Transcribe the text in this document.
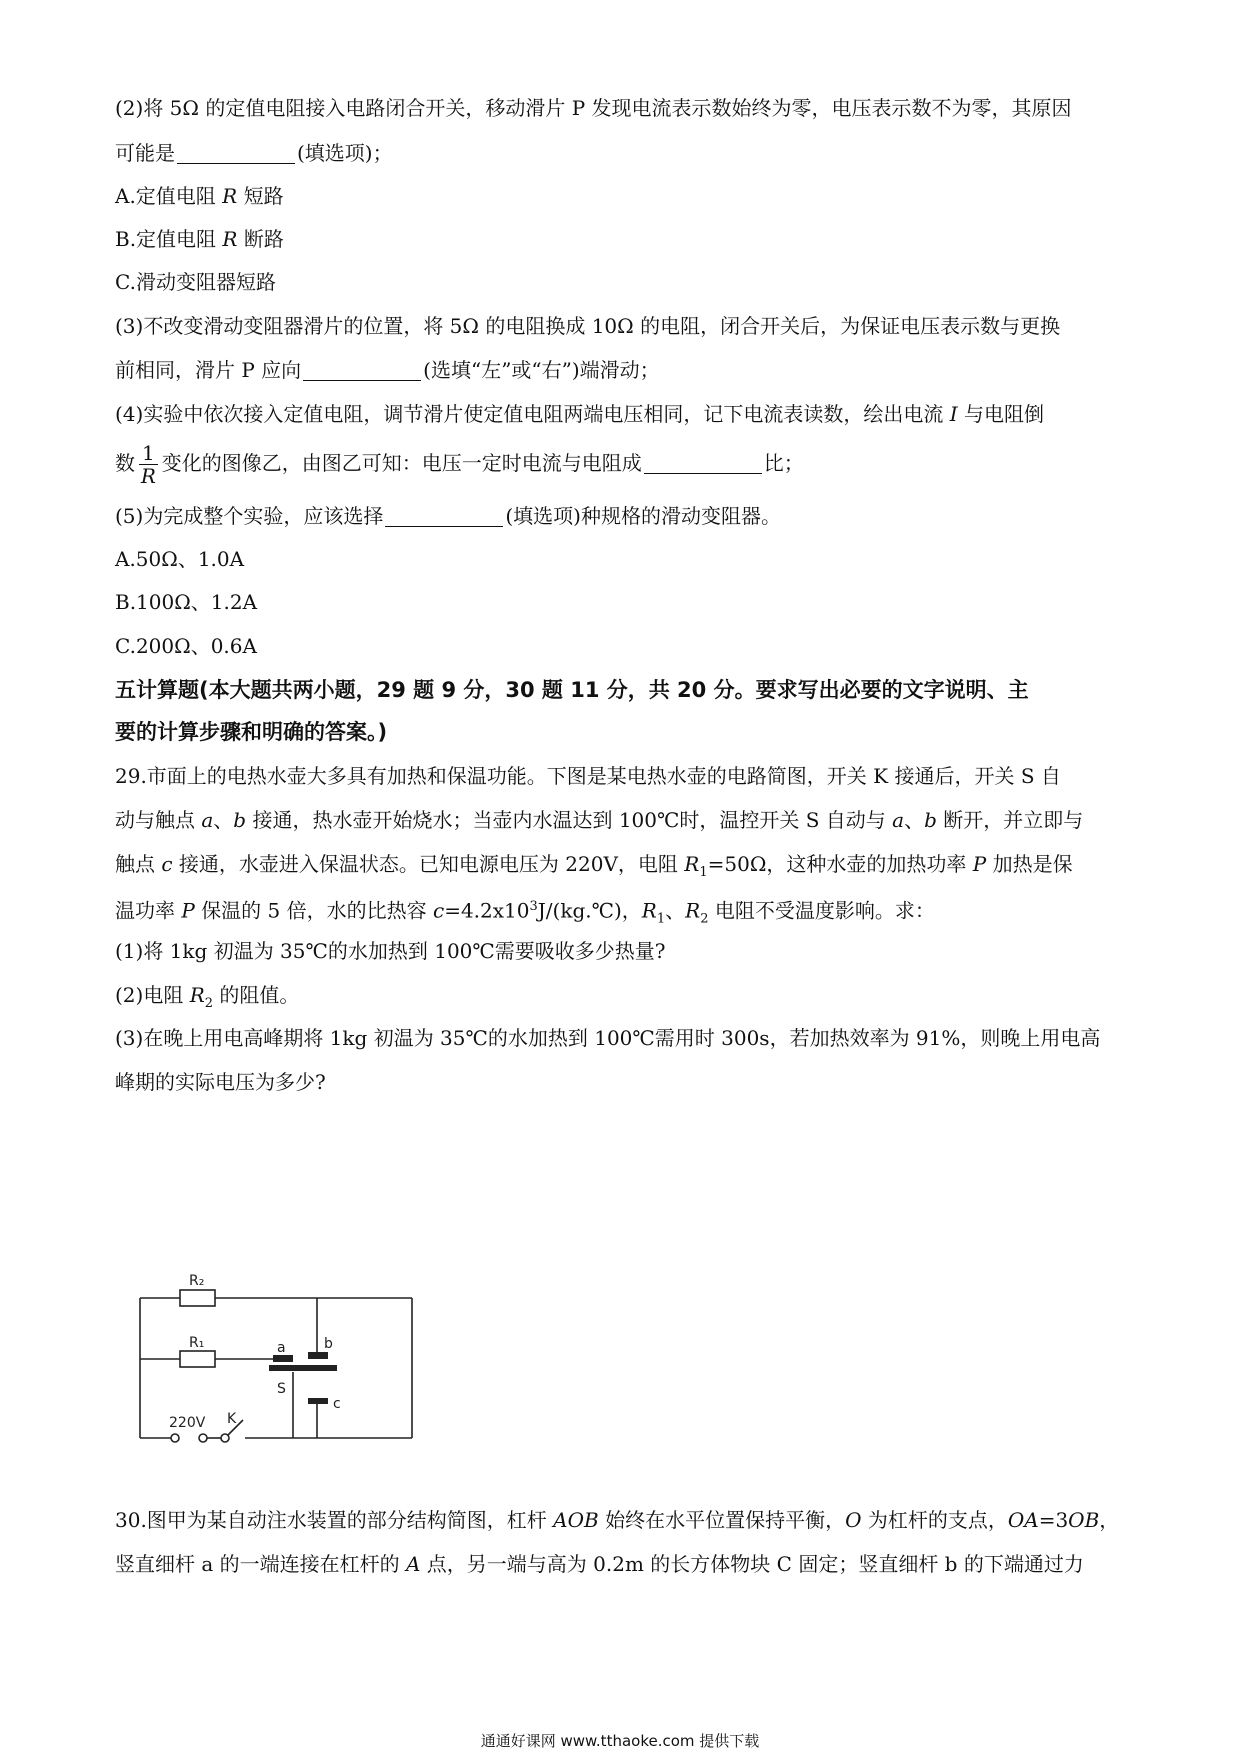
(2)将 5Ω 的定值电阻接入电路闭合开关，移动滑片 P 发现电流表示数始终为零，电压表示数不为零，其原因
可能是	(填选项)；
A.定值电阻 R 短路
B.定值电阻 R 断路
C.滑动变阻器短路
(3)不改变滑动变阻器滑片的位置，将 5Ω 的电阻换成 10Ω 的电阻，闭合开关后，为保证电压表示数与更换
前相同，滑片 P 应向	(选填“左”或“右”)端滑动；
(4)实验中依次接入定值电阻，调节滑片使定值电阻两端电压相同，记下电流表读数，绘出电流 I 与电阻倒
数 $\frac{1}{R}$ 变化的图像乙，由图乙可知：电压一定时电流与电阻成	比；
(5)为完成整个实验，应该选择	(填选项)种规格的滑动变阻器。
A.50Ω、1.0A
B.100Ω、1.2A
C.200Ω、0.6A
五计算题(本大题共两小题，29 题 9 分，30 题 11 分，共 20 分。要求写出必要的文字说明、主
要的计算步骤和明确的答案。)
29.市面上的电热水壶大多具有加热和保温功能。下图是某电热水壶的电路简图，开关 K 接通后，开关 S 自
动与触点 a、b 接通，热水壶开始烧水；当壶内水温达到 100℃时，温控开关 S 自动与 a、b 断开，并立即与
触点 c 接通，水壶进入保温状态。已知电源电压为 220V，电阻 $R_1=50\Omega$，这种水壶的加热功率 P 加热是保
温功率 P 保温的 5 倍，水的比热容 $c=4.2x10^3J/(kg.℃)$，$R_1$、$R_2$ 电阻不受温度影响。求：
(1)将 1kg 初温为 35℃的水加热到 100℃需要吸收多少热量?
(2)电阻 $R_2$ 的阻值。
(3)在晚上用电高峰期将 1kg 初温为 35℃的水加热到 100℃需用时 300s，若加热效率为 91%，则晚上用电高
峰期的实际电压为多少?
30.图甲为某自动注水装置的部分结构简图，杠杆 AOB 始终在水平位置保持平衡，O 为杠杆的支点，OA=3OB，
竖直细杆 a 的一端连接在杠杆的 A 点，另一端与高为 0.2m 的长方体物块 C 固定；竖直细杆 b 的下端通过力
R₂
R₁	a	b
S
c
220V K
通通好课网 www.tthaoke.com 提供下载
